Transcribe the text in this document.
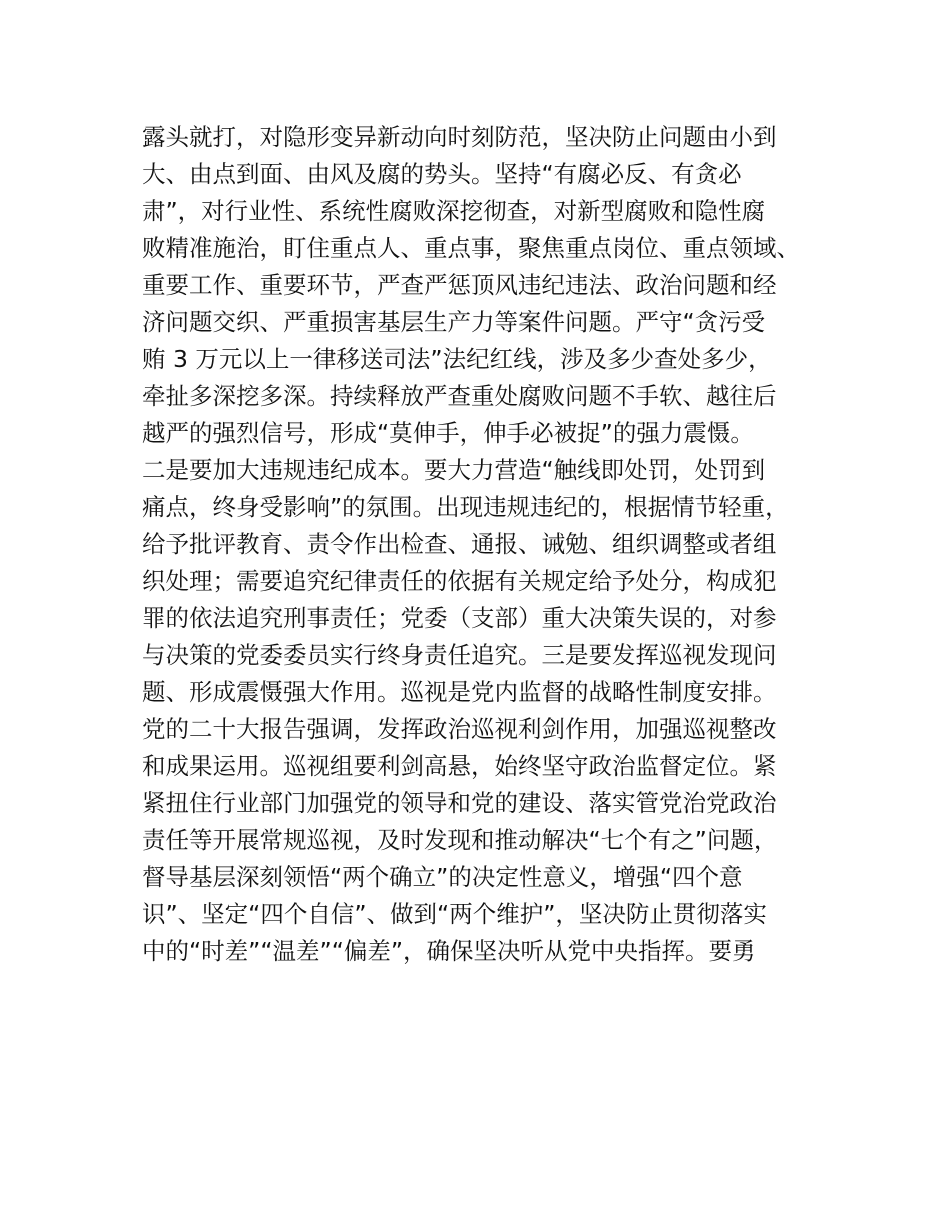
露头就打，对隐形变异新动向时刻防范，坚决防止问题由小到
大、由点到面、由风及腐的势头。坚持“有腐必反、有贪必
肃”，对行业性、系统性腐败深挖彻查，对新型腐败和隐性腐
败精准施治，盯住重点人、重点事，聚焦重点岗位、重点领域、
重要工作、重要环节，严查严惩顶风违纪违法、政治问题和经
济问题交织、严重损害基层生产力等案件问题。严守“贪污受
贿 3 万元以上一律移送司法”法纪红线，涉及多少查处多少，
牵扯多深挖多深。持续释放严查重处腐败问题不手软、越往后
越严的强烈信号，形成“莫伸手，伸手必被捉”的强力震慑。
二是要加大违规违纪成本。要大力营造“触线即处罚，处罚到
痛点，终身受影响”的氛围。出现违规违纪的，根据情节轻重，
给予批评教育、责令作出检查、通报、诫勉、组织调整或者组
织处理；需要追究纪律责任的依据有关规定给予处分，构成犯
罪的依法追究刑事责任；党委（支部）重大决策失误的，对参
与决策的党委委员实行终身责任追究。三是要发挥巡视发现问
题、形成震慑强大作用。巡视是党内监督的战略性制度安排。
党的二十大报告强调，发挥政治巡视利剑作用，加强巡视整改
和成果运用。巡视组要利剑高悬，始终坚守政治监督定位。紧
紧扭住行业部门加强党的领导和党的建设、落实管党治党政治
责任等开展常规巡视，及时发现和推动解决“七个有之”问题，
督导基层深刻领悟“两个确立”的决定性意义，增强“四个意
识”、坚定“四个自信”、做到“两个维护”，坚决防止贯彻落实
中的“时差”“温差”“偏差”，确保坚决听从党中央指挥。要勇
